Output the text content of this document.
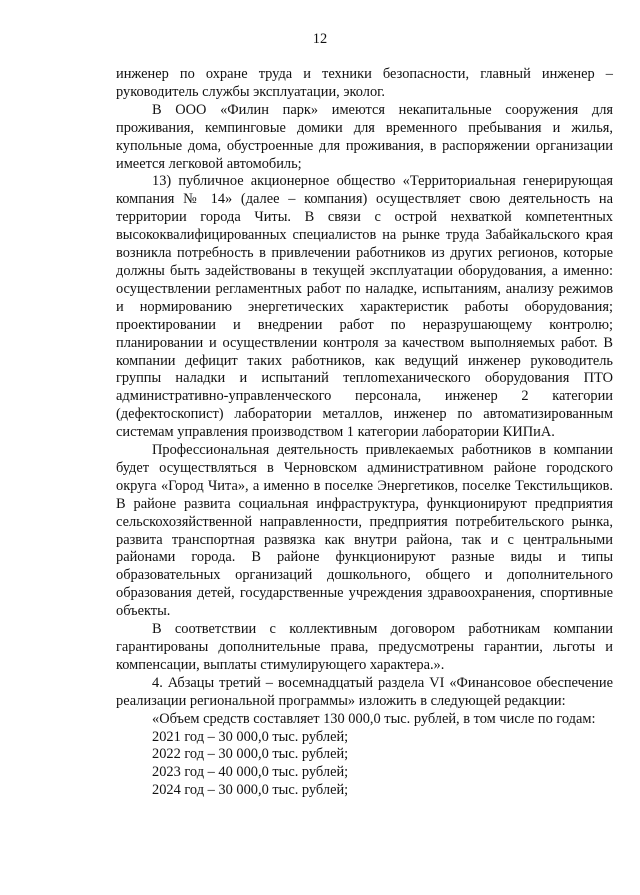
12

инженер по охране труда и техники безопасности, главный инженер – руководитель службы эксплуатации, эколог.

В ООО «Филин парк» имеются некапитальные сооружения для проживания, кемпинговые домики для временного пребывания и жилья, купольные дома, обустроенные для проживания, в распоряжении организации имеется легковой автомобиль;

13) публичное акционерное общество «Территориальная генерирующая компания № 14» (далее – компания) осуществляет свою деятельность на территории города Читы. В связи с острой нехваткой компетентных высококвалифицированных специалистов на рынке труда Забайкальского края возникла потребность в привлечении работников из других регионов, которые должны быть задействованы в текущей эксплуатации оборудования, а именно: осуществлении регламентных работ по наладке, испытаниям, анализу режимов и нормированию энергетических характеристик работы оборудования; проектировании и внедрении работ по неразрушающему контролю; планировании и осуществлении контроля за качеством выполняемых работ. В компании дефицит таких работников, как ведущий инженер руководитель группы наладки и испытаний теплomеханического оборудования ПТО административно-управленческого персонала, инженер 2 категории (дефектоскопист) лаборатории металлов, инженер по автоматизированным системам управления производством 1 категории лаборатории КИПиА.

Профессиональная деятельность привлекаемых работников в компании будет осуществляться в Черновском административном районе городского округа «Город Чита», а именно в поселке Энергетиков, поселке Текстильщиков. В районе развита социальная инфраструктура, функционируют предприятия сельскохозяйственной направленности, предприятия потребительского рынка, развита транспортная развязка как внутри района, так и с центральными районами города. В районе функционируют разные виды и типы образовательных организаций дошкольного, общего и дополнительного образования детей, государственные учреждения здравоохранения, спортивные объекты.

В соответствии с коллективным договором работникам компании гарантированы дополнительные права, предусмотрены гарантии, льготы и компенсации, выплаты стимулирующего характера.».

4. Абзацы третий – восемнадцатый раздела VI «Финансовое обеспечение реализации региональной программы» изложить в следующей редакции:

«Объем средств составляет 130 000,0 тыс. рублей, в том числе по годам:

2021 год – 30 000,0 тыс. рублей;

2022 год – 30 000,0 тыс. рублей;

2023 год – 40 000,0 тыс. рублей;

2024 год – 30 000,0 тыс. рублей;
